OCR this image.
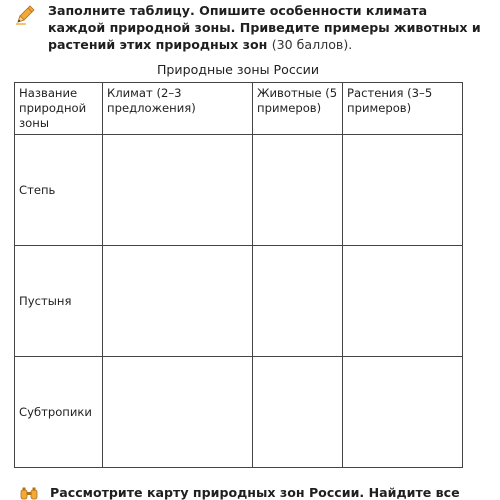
Заполните таблицу. Опишите особенности климата каждой природной зоны. Приведите примеры животных и растений этих природных зон (30 баллов).
Природные зоны России
Название природной зоны	Климат (2–3 предложения)	Животные (5 примеров)	Растения (3–5 примеров)
Степь			
Пустыня			
Субтропики			
Рассмотрите карту природных зон России. Найдите все
